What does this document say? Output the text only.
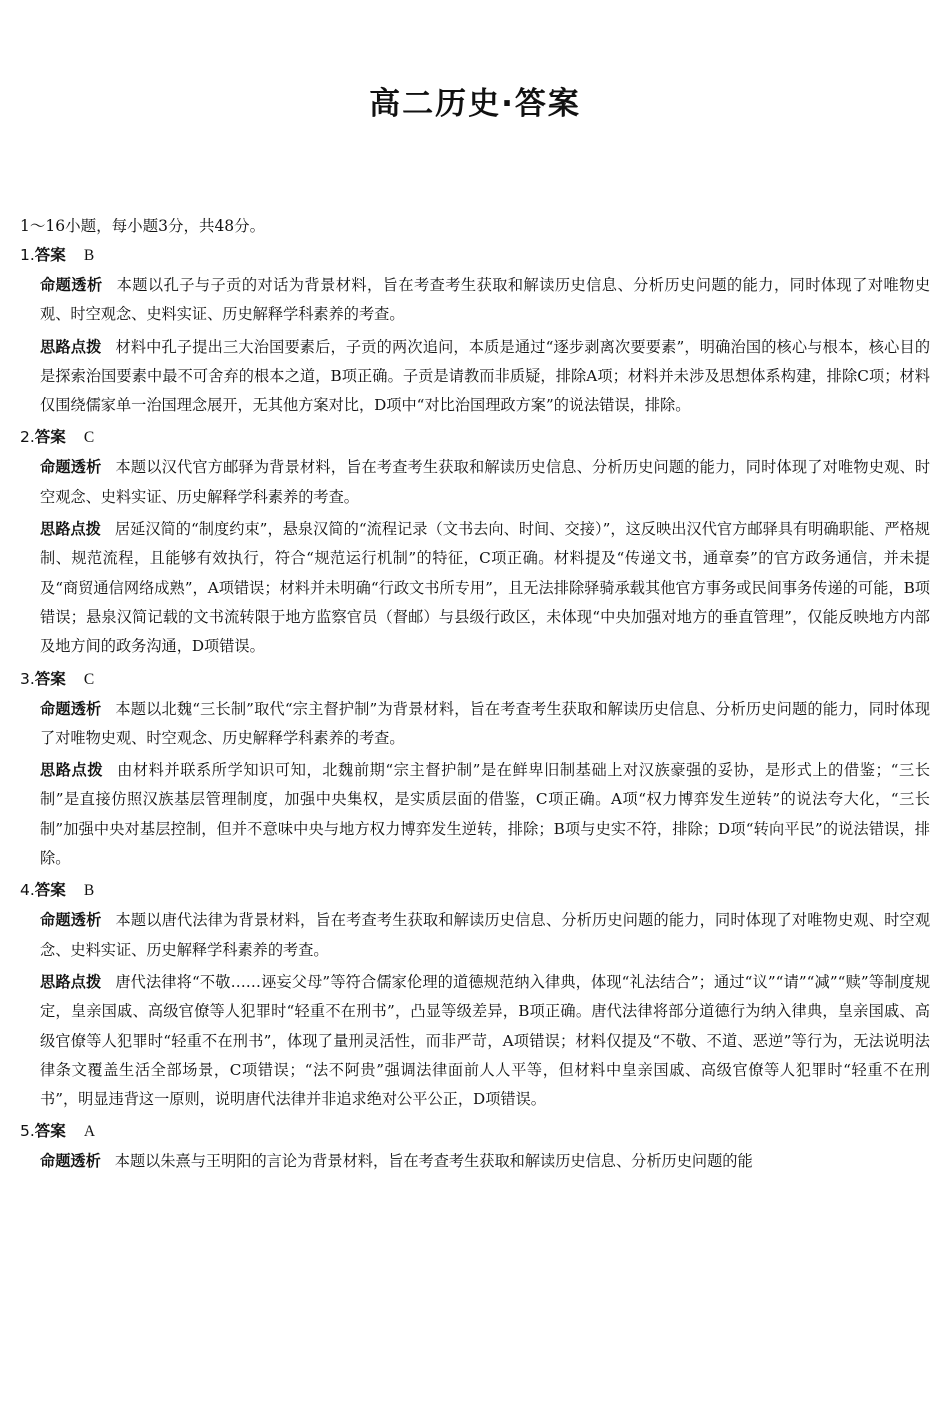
高二历史·答案
1～16小题，每小题3分，共48分。
1.答案 B
命题透析 本题以孔子与子贡的对话为背景材料，旨在考查考生获取和解读历史信息、分析历史问题的能力，同时体现了对唯物史观、时空观念、史料实证、历史解释学科素养的考查。
思路点拨 材料中孔子提出三大治国要素后，子贡的两次追问，本质是通过“逐步剥离次要要素”，明确治国的核心与根本，核心目的是探索治国要素中最不可舍弃的根本之道，B项正确。子贡是请教而非质疑，排除A项；材料并未涉及思想体系构建，排除C项；材料仅围绕儒家单一治国理念展开，无其他方案对比，D项中“对比治国理政方案”的说法错误，排除。
2.答案 C
命题透析 本题以汉代官方邮驿为背景材料，旨在考查考生获取和解读历史信息、分析历史问题的能力，同时体现了对唯物史观、时空观念、史料实证、历史解释学科素养的考查。
思路点拨 居延汉简的“制度约束”，悬泉汉简的“流程记录（文书去向、时间、交接）”，这反映出汉代官方邮驿具有明确职能、严格规制、规范流程，且能够有效执行，符合“规范运行机制”的特征，C项正确。材料提及“传递文书，通章奏”的官方政务通信，并未提及“商贸通信网络成熟”，A项错误；材料并未明确“行政文书所专用”，且无法排除驿骑承载其他官方事务或民间事务传递的可能，B项错误；悬泉汉简记载的文书流转限于地方监察官员（督邮）与县级行政区，未体现“中央加强对地方的垂直管理”，仅能反映地方内部及地方间的政务沟通，D项错误。
3.答案 C
命题透析 本题以北魏“三长制”取代“宗主督护制”为背景材料，旨在考查考生获取和解读历史信息、分析历史问题的能力，同时体现了对唯物史观、时空观念、历史解释学科素养的考查。
思路点拨 由材料并联系所学知识可知，北魏前期“宗主督护制”是在鲜卑旧制基础上对汉族豪强的妥协，是形式上的借鉴；“三长制”是直接仿照汉族基层管理制度，加强中央集权，是实质层面的借鉴，C项正确。A项“权力博弈发生逆转”的说法夸大化，“三长制”加强中央对基层控制，但并不意味中央与地方权力博弈发生逆转，排除；B项与史实不符，排除；D项“转向平民”的说法错误，排除。
4.答案 B
命题透析 本题以唐代法律为背景材料，旨在考查考生获取和解读历史信息、分析历史问题的能力，同时体现了对唯物史观、时空观念、史料实证、历史解释学科素养的考查。
思路点拨 唐代法律将“不敬……诬妄父母”等符合儒家伦理的道德规范纳入律典，体现“礼法结合”；通过“议”“请”“减”“赎”等制度规定，皇亲国戚、高级官僚等人犯罪时“轻重不在刑书”，凸显等级差异，B项正确。唐代法律将部分道德行为纳入律典，皇亲国戚、高级官僚等人犯罪时“轻重不在刑书”，体现了量刑灵活性，而非严苛，A项错误；材料仅提及“不敬、不道、恶逆”等行为，无法说明法律条文覆盖生活全部场景，C项错误；“法不阿贵”强调法律面前人人平等，但材料中皇亲国戚、高级官僚等人犯罪时“轻重不在刑书”，明显违背这一原则，说明唐代法律并非追求绝对公平公正，D项错误。
5.答案 A
命题透析 本题以朱熹与王明阳的言论为背景材料，旨在考查考生获取和解读历史信息、分析历史问题的能
